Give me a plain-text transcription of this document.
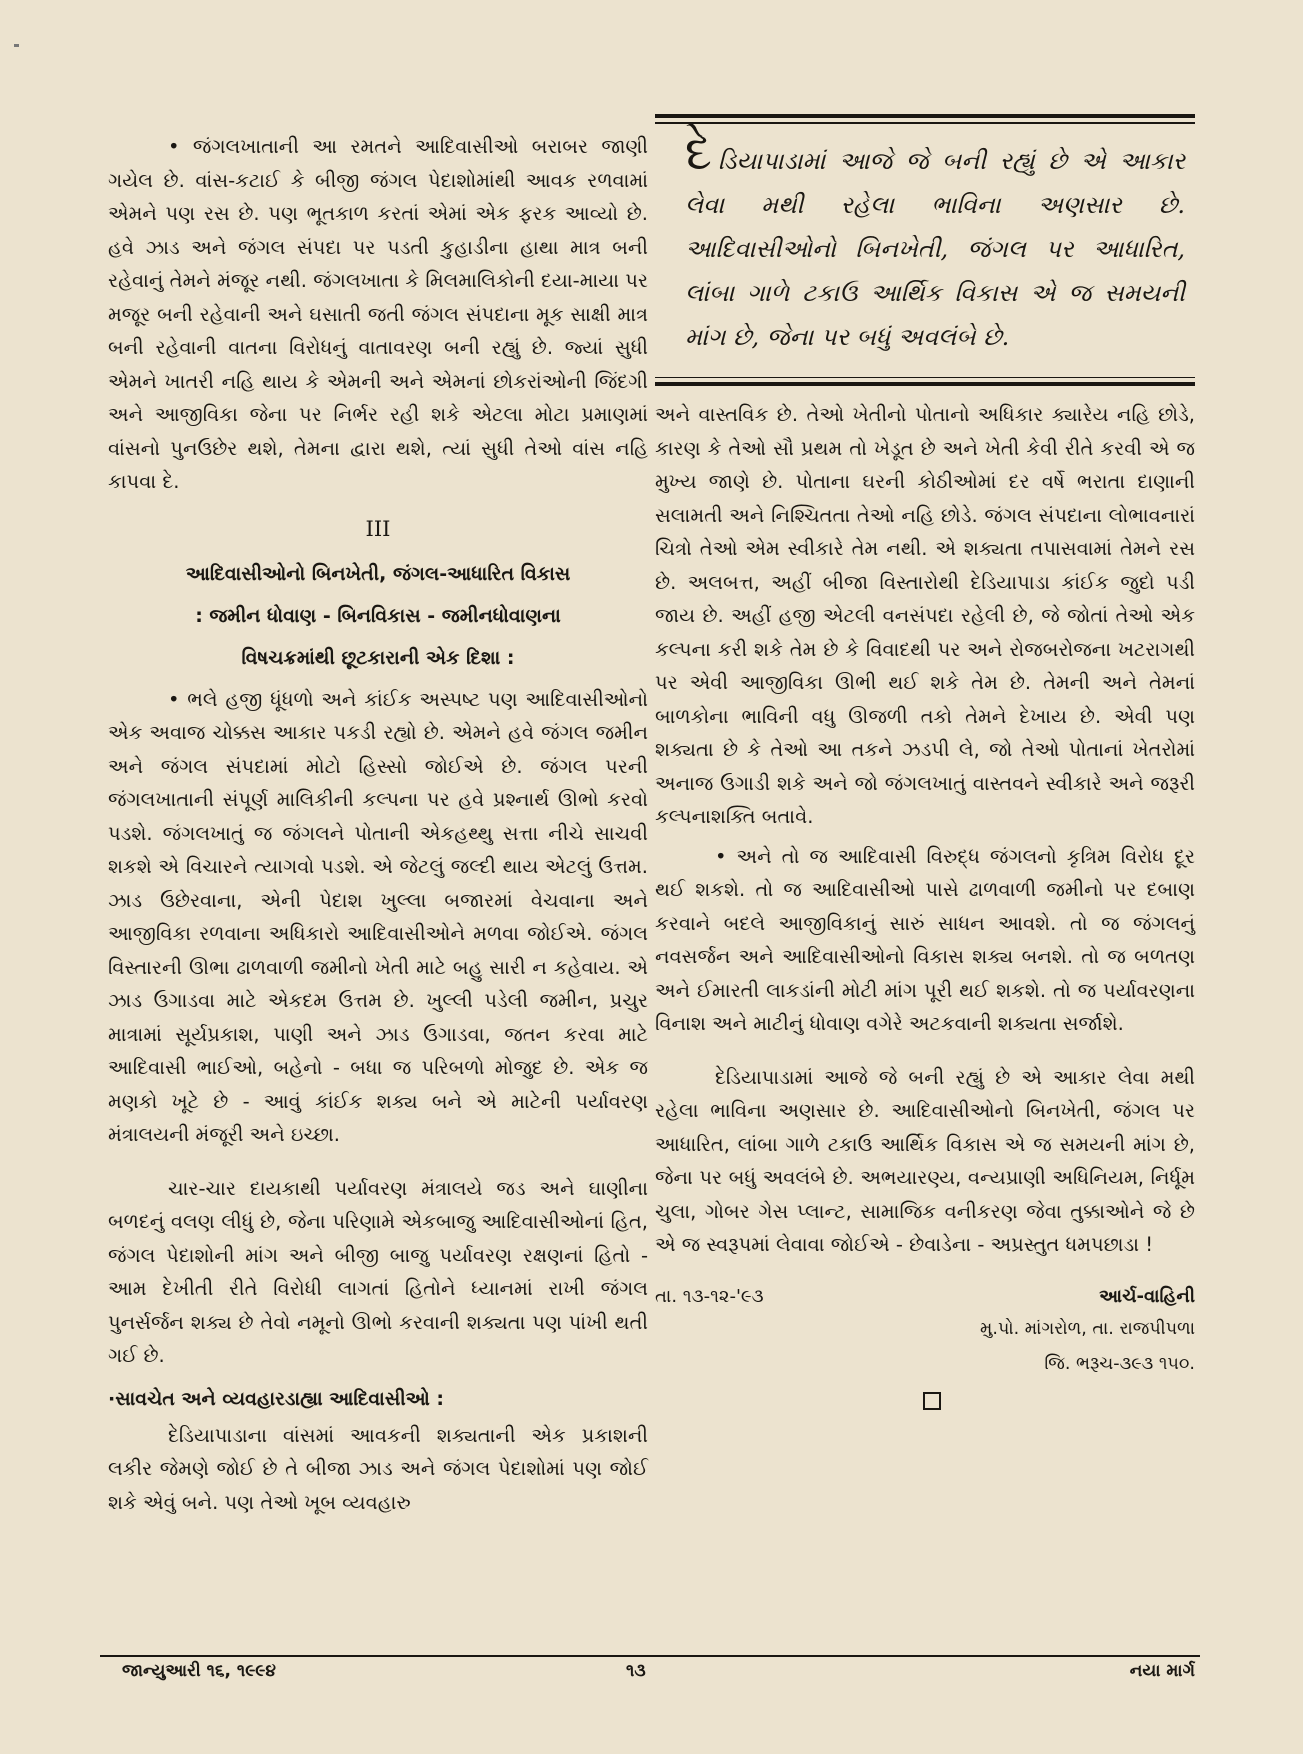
• જંગલખાતાની આ રમતને આદિવાસીઓ બરાબર જાણી ગયેલ છે. વાંસ-કટાઈ કે બીજી જંગલ પેદાશોમાંથી આવક રળવામાં એમને પણ રસ છે. પણ ભૂતકાળ કરતાં એમાં એક ફરક આવ્યો છે. હવે ઝાડ અને જંગલ સંપદા પર પડતી કુહાડીના હાથા માત્ર બની રહેવાનું તેમને મંજૂર નથી. જંગલખાતા કે મિલમાલિકોની દયા-માયા પર મજૂર બની રહેવાની અને ઘસાતી જતી જંગલ સંપદાના મૂક સાક્ષી માત્ર બની રહેવાની વાતના વિરોધનું વાતાવરણ બની રહ્યું છે. જ્યાં સુધી એમને ખાતરી નહિ થાય કે એમની અને એમનાં છોકરાંઓની જિંદગી અને આજીવિકા જેના પર નિર્ભર રહી શકે એટલા મોટા પ્રમાણમાં વાંસનો પુનઉછેર થશે, તેમના દ્વારા થશે, ત્યાં સુધી તેઓ વાંસ નહિ કાપવા દે.

III
આદિવાસીઓનો બિનખેતી, જંગલ-આધારિત વિકાસ
: જમીન ધોવાણ - બિનવિકાસ - જમીનધોવાણના
વિષચક્રમાંથી છૂટકારાની એક દિશા :

• ભલે હજી ધૂંધળો અને કાંઈક અસ્પષ્ટ પણ આદિવાસીઓનો એક અવાજ ચોક્કસ આકાર પકડી રહ્યો છે. એમને હવે જંગલ જમીન અને જંગલ સંપદામાં મોટો હિસ્સો જોઈએ છે. જંગલ પરની જંગલખાતાની સંપૂર્ણ માલિકીની કલ્પના પર હવે પ્રશ્નાર્થ ઊભો કરવો પડશે. જંગલખાતું જ જંગલને પોતાની એકહથ્થુ સત્તા નીચે સાચવી શકશે એ વિચારને ત્યાગવો પડશે. એ જેટલું જલ્દી થાય એટલું ઉત્તમ. ઝાડ ઉછેરવાના, એની પેદાશ ખુલ્લા બજારમાં વેચવાના અને આજીવિકા રળવાના અધિકારો આદિવાસીઓને મળવા જોઈએ. જંગલ વિસ્તારની ઊભા ઢાળવાળી જમીનો ખેતી માટે બહુ સારી ન કહેવાય. એ ઝાડ ઉગાડવા માટે એકદમ ઉત્તમ છે. ખુલ્લી પડેલી જમીન, પ્રચુર માત્રામાં સૂર્યપ્રકાશ, પાણી અને ઝાડ ઉગાડવા, જતન કરવા માટે આદિવાસી ભાઈઓ, બહેનો - બધા જ પરિબળો મોજુદ છે. એક જ મણકો ખૂટે છે - આવું કાંઈક શક્ય બને એ માટેની પર્યાવરણ મંત્રાલયની મંજૂરી અને ઇચ્છા.

ચાર-ચાર દાયકાથી પર્યાવરણ મંત્રાલયે જડ અને ઘાણીના બળદનું વલણ લીધું છે, જેના પરિણામે એકબાજુ આદિવાસીઓનાં હિત, જંગલ પેદાશોની માંગ અને બીજી બાજુ પર્યાવરણ રક્ષણનાં હિતો - આમ દેખીતી રીતે વિરોધી લાગતાં હિતોને ધ્યાનમાં રાખી જંગલ પુનર્સર્જન શક્ય છે તેવો નમૂનો ઊભો કરવાની શક્યતા પણ પાંખી થતી ગઈ છે.

·સાવચેત અને વ્યવહારડાહ્યા આદિવાસીઓ :

દેડિયાપાડાના વાંસમાં આવકની શક્યતાની એક પ્રકાશની લકીર જેમણે જોઈ છે તે બીજા ઝાડ અને જંગલ પેદાશોમાં પણ જોઈ શકે એવું બને. પણ તેઓ ખૂબ વ્યવહારુ

દેડિયાપાડામાં આજે જે બની રહ્યું છે એ આકાર લેવા મથી રહેલા ભાવિના અણસાર છે. આદિવાસીઓનો બિનખેતી, જંગલ પર આધારિત, લાંબા ગાળે ટકાઉ આર્થિક વિકાસ એ જ સમયની માંગ છે, જેના પર બધું અવલંબે છે.

અને વાસ્તવિક છે. તેઓ ખેતીનો પોતાનો અધિકાર ક્યારેય નહિ છોડે, કારણ કે તેઓ સૌ પ્રથમ તો ખેડૂત છે અને ખેતી કેવી રીતે કરવી એ જ મુખ્ય જાણે છે. પોતાના ઘરની કોઠીઓમાં દર વર્ષે ભરાતા દાણાની સલામતી અને નિશ્ચિતતા તેઓ નહિ છોડે. જંગલ સંપદાના લોભાવનારાં ચિત્રો તેઓ એમ સ્વીકારે તેમ નથી. એ શક્યતા તપાસવામાં તેમને રસ છે. અલબત્ત, અહીં બીજા વિસ્તારોથી દેડિયાપાડા કાંઈક જુદો પડી જાય છે. અહીં હજી એટલી વનસંપદા રહેલી છે, જે જોતાં તેઓ એક કલ્પના કરી શકે તેમ છે કે વિવાદથી પર અને રોજબરોજના ખટરાગથી પર એવી આજીવિકા ઊભી થઈ શકે તેમ છે. તેમની અને તેમનાં બાળકોના ભાવિની વધુ ઊજળી તકો તેમને દેખાય છે. એવી પણ શક્યતા છે કે તેઓ આ તકને ઝડપી લે, જો તેઓ પોતાનાં ખેતરોમાં અનાજ ઉગાડી શકે અને જો જંગલખાતું વાસ્તવને સ્વીકારે અને જરૂરી કલ્પનાશક્તિ બતાવે.

• અને તો જ આદિવાસી વિરુદ્ધ જંગલનો કૃત્રિમ વિરોધ દૂર થઈ શકશે. તો જ આદિવાસીઓ પાસે ઢાળવાળી જમીનો પર દબાણ કરવાને બદલે આજીવિકાનું સારું સાધન આવશે. તો જ જંગલનું નવસર્જન અને આદિવાસીઓનો વિકાસ શક્ય બનશે. તો જ બળતણ અને ઈમારતી લાકડાંની મોટી માંગ પૂરી થઈ શકશે. તો જ પર્યાવરણના વિનાશ અને માટીનું ધોવાણ વગેરે અટકવાની શક્યતા સર્જાશે.

દેડિયાપાડામાં આજે જે બની રહ્યું છે એ આકાર લેવા મથી રહેલા ભાવિના અણસાર છે. આદિવાસીઓનો બિનખેતી, જંગલ પર આધારિત, લાંબા ગાળે ટકાઉ આર્થિક વિકાસ એ જ સમયની માંગ છે, જેના પર બધું અવલંબે છે. અભયારણ્ય, વન્યપ્રાણી અધિનિયમ, નિર્ધૂમ ચુલા, ગોબર ગેસ પ્લાન્ટ, સામાજિક વનીકરણ જેવા તુક્કાઓને જે છે એ જ સ્વરૂપમાં લેવાવા જોઈએ - છેવાડેના - અપ્રસ્તુત ધમપછાડા !

તા. ૧૩-૧૨-'૯૩	આર્ચ-વાહિની
મુ.પો. માંગરોળ, તા. રાજપીપળા
જિ. ભરૂચ-૩૯૩ ૧૫૦.
જાન્યુઆરી ૧૬, ૧૯૯૪	૧૩	નયા માર્ગ
